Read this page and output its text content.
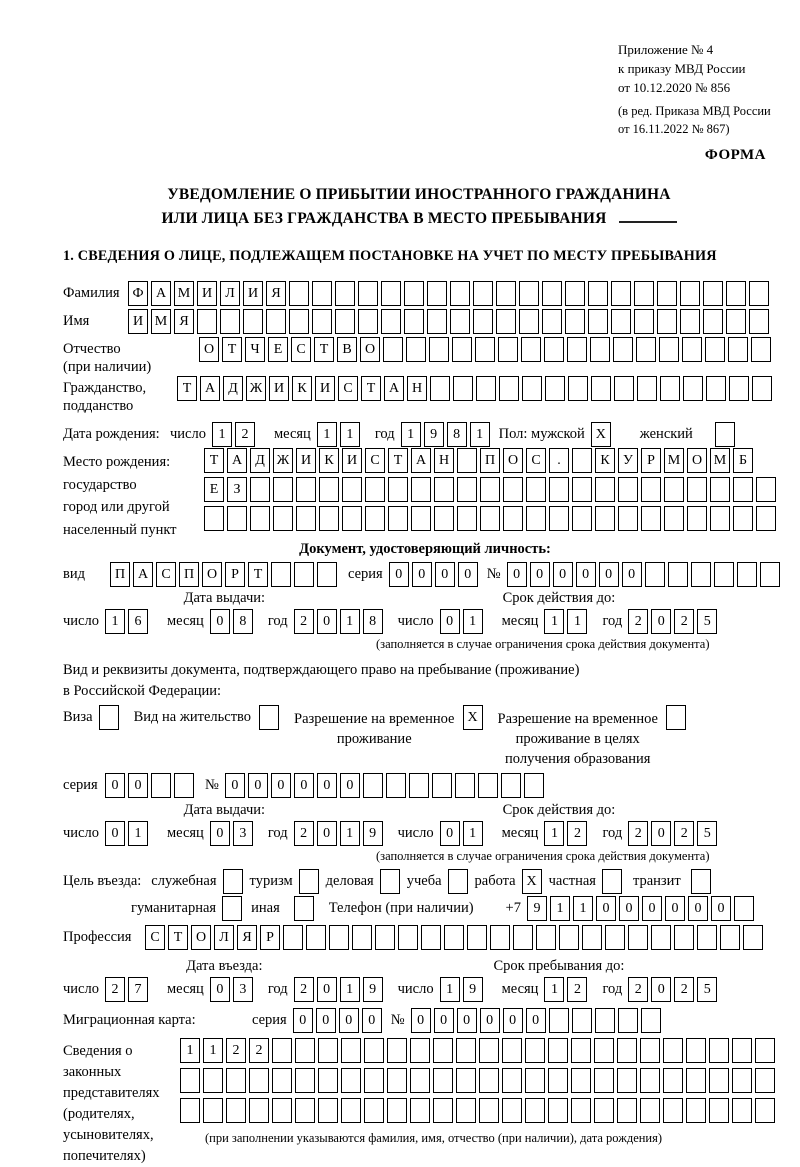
Приложение № 4
к приказу МВД России
от 10.12.2020 № 856
(в ред. Приказа МВД России
от 16.11.2022 № 867)
ФОРМА
УВЕДОМЛЕНИЕ О ПРИБЫТИИ ИНОСТРАННОГО ГРАЖДАНИНА
ИЛИ ЛИЦА БЕЗ ГРАЖДАНСТВА В МЕСТО ПРЕБЫВАНИЯ
1. СВЕДЕНИЯ О ЛИЦЕ, ПОДЛЕЖАЩЕМ ПОСТАНОВКЕ НА УЧЕТ ПО МЕСТУ ПРЕБЫВАНИЯ
Фамилия Ф А М И Л И Я
Имя	И М Я
Отчество
(при наличии)
О Т	Ч	Е	С	Т	В О
Гражданство,
подданство
Т А Д Ж И К И С	Т А Н
Дата рождения: число 1	2	месяц 1	1	год 1	9	8	1	Пол: мужской X	женский
Место рождения:
государство
город или другой
населенный пункт
Т А Д Ж И К И С	Т А Н	П О С	.	К У	Р М О М Б
Е	З
Документ, удостоверяющий личность:
вид	П А С П О	Р	Т	серия 0	0	0	0	№ 0	0	0	0	0	0
Дата выдачи:
число 1	6	месяц 0	8	год 2	0	1	8
Срок действия до:
число 0	1	месяц 1	1	год 2	0	2	5
(заполняется в случае ограничения срока действия документа)
Вид и реквизиты документа, подтверждающего право на пребывание (проживание)
в Российской Федерации:
Виза	Вид на жительство	Разрешение на временное
проживание
X	Разрешение на временное
проживание в целях
получения образования
серия 0	0	№ 0	0	0	0	0	0
Дата выдачи:
число 0	1	месяц 0	3	год 2	0	1	9
Срок действия до:
число 0	1	месяц 1	2	год 2	0	2	5
(заполняется в случае ограничения срока действия документа)
Цель въезда: служебная туризм деловая учеба работа X частная	транзит
гуманитарная иная	Телефон (при наличии) +7 9	1	1	0	0	0	0	0	0
Профессия	С	Т О Л Я	Р
Дата въезда:
число 2	7	месяц 0	3	год 2	0	1	9
Срок пребывания до:
число 1	9	месяц 1	2	год 2	0	2	5
Миграционная карта:	серия 0	0	0	0	№ 0	0	0	0	0	0
Сведения о
законных
представителях
(родителях,
усыновителях,
попечителях)
1	1	2	2
(при заполнении указываются фамилия, имя, отчество (при наличии), дата рождения)
